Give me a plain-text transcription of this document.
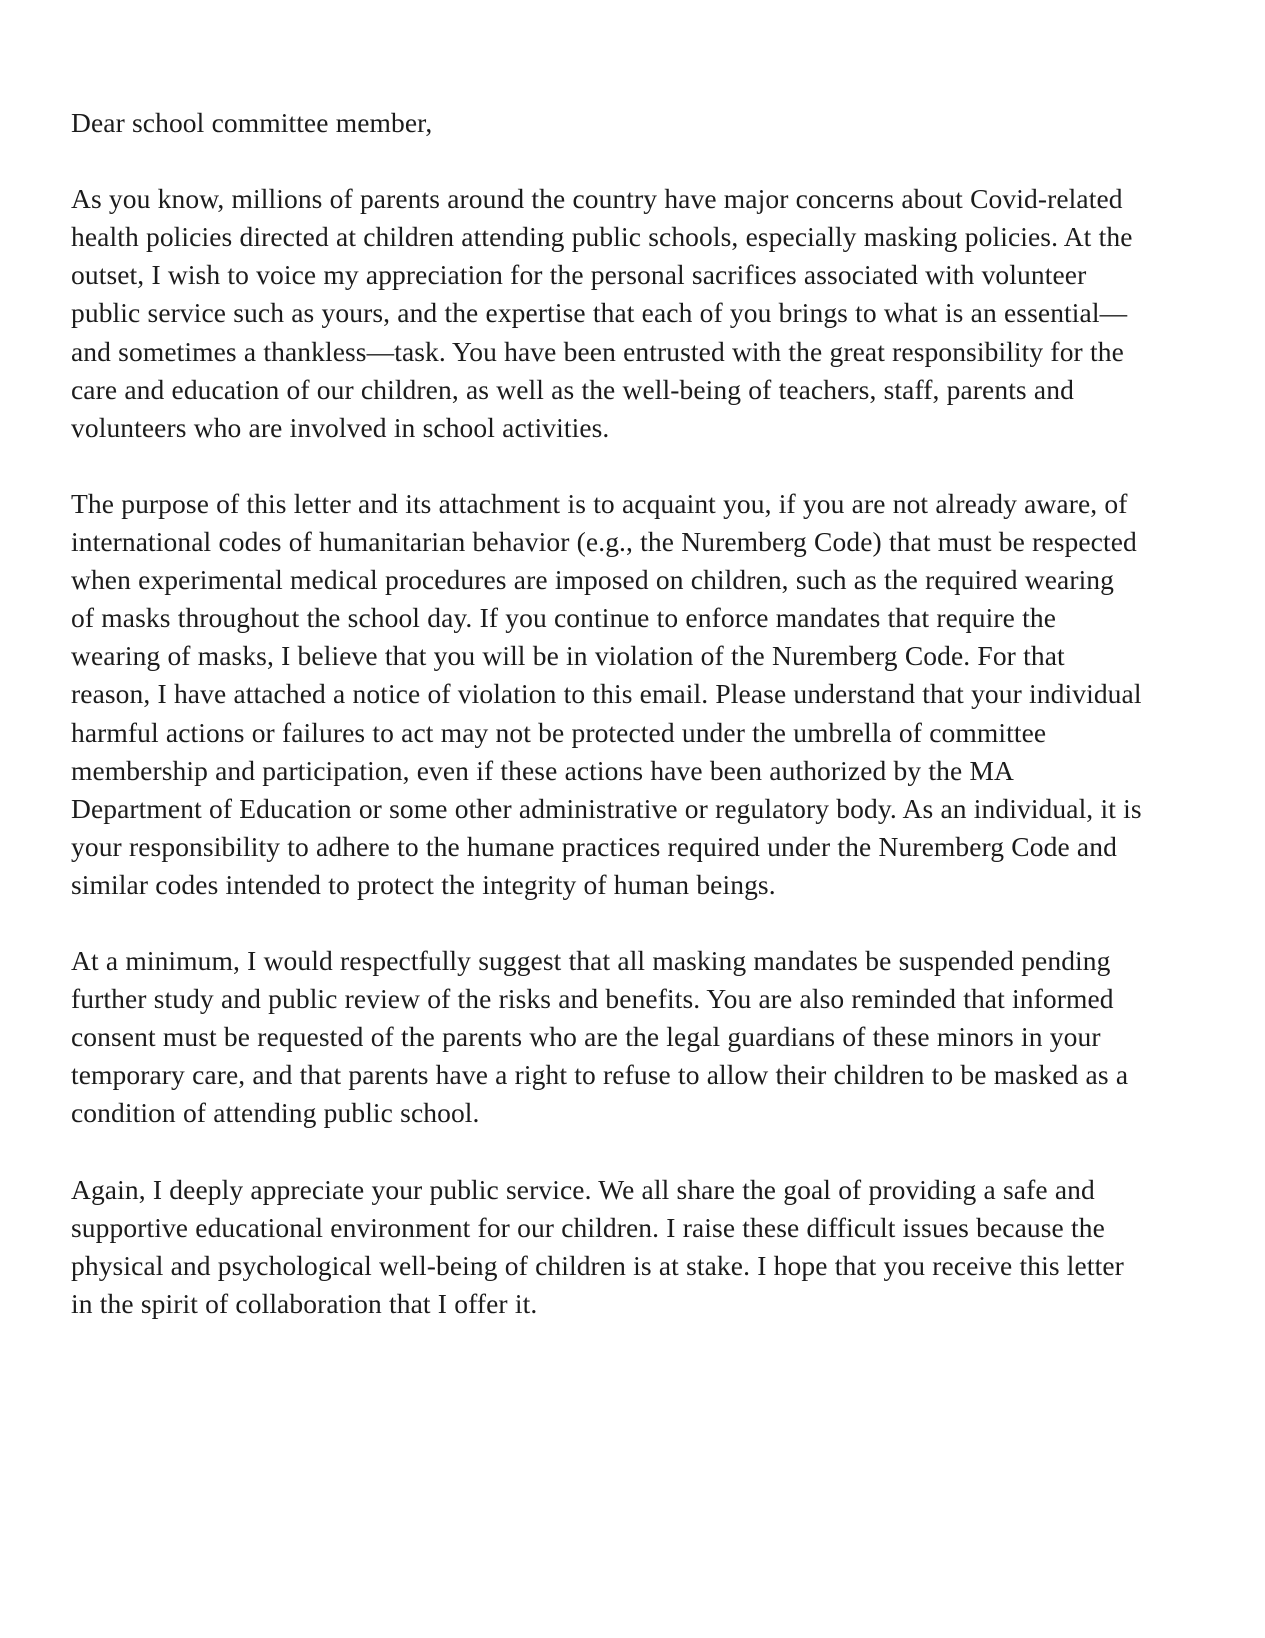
Dear school committee member,

As you know, millions of parents around the country have major concerns about Covid-related health policies directed at children attending public schools, especially masking policies. At the outset, I wish to voice my appreciation for the personal sacrifices associated with volunteer public service such as yours, and the expertise that each of you brings to what is an essential—and sometimes a thankless—task. You have been entrusted with the great responsibility for the care and education of our children, as well as the well-being of teachers, staff, parents and volunteers who are involved in school activities.

The purpose of this letter and its attachment is to acquaint you, if you are not already aware, of international codes of humanitarian behavior (e.g., the Nuremberg Code) that must be respected when experimental medical procedures are imposed on children, such as the required wearing of masks throughout the school day. If you continue to enforce mandates that require the wearing of masks, I believe that you will be in violation of the Nuremberg Code. For that reason, I have attached a notice of violation to this email. Please understand that your individual harmful actions or failures to act may not be protected under the umbrella of committee membership and participation, even if these actions have been authorized by the MA Department of Education or some other administrative or regulatory body. As an individual, it is your responsibility to adhere to the humane practices required under the Nuremberg Code and similar codes intended to protect the integrity of human beings.

At a minimum, I would respectfully suggest that all masking mandates be suspended pending further study and public review of the risks and benefits. You are also reminded that informed consent must be requested of the parents who are the legal guardians of these minors in your temporary care, and that parents have a right to refuse to allow their children to be masked as a condition of attending public school.

Again, I deeply appreciate your public service. We all share the goal of providing a safe and supportive educational environment for our children. I raise these difficult issues because the physical and psychological well-being of children is at stake. I hope that you receive this letter in the spirit of collaboration that I offer it.
